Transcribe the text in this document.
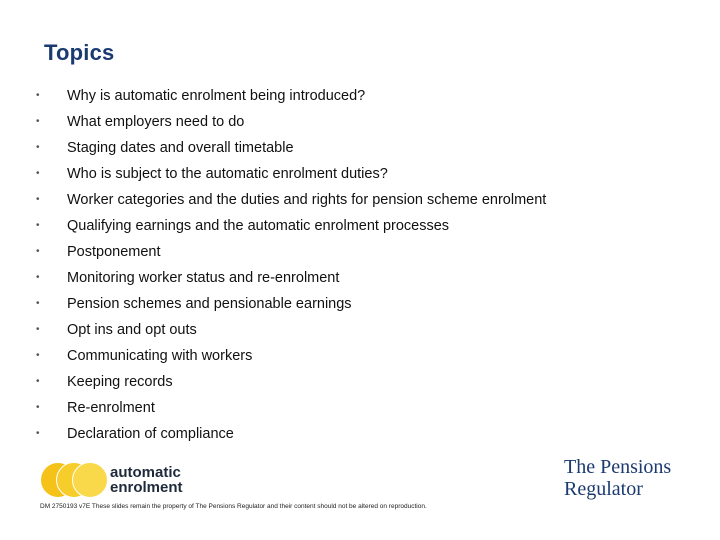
Topics
•	Why is automatic enrolment being introduced?
•	What employers need to do
•	Staging dates and overall timetable
•	Who is subject to the automatic enrolment duties?
•	Worker categories and the duties and rights for pension scheme enrolment
•	Qualifying earnings and the automatic enrolment processes
•	Postponement
•	Monitoring worker status and re-enrolment
•	Pension schemes and pensionable earnings
•	Opt ins and opt outs
•	Communicating with workers
•	Keeping records
•	Re-enrolment
•	Declaration of compliance
automatic
enrolment
The Pensions
Regulator
DM 2750193 v7E These slides remain the property of The Pensions Regulator and their content should not be altered on reproduction.
